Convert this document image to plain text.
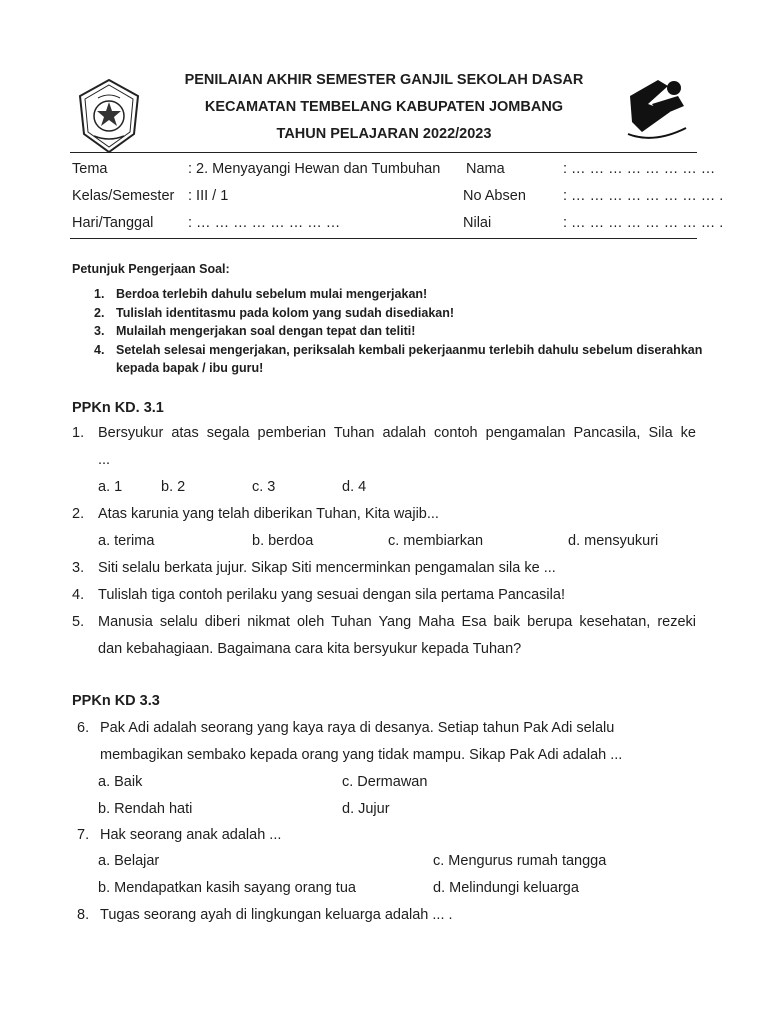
PENILAIAN AKHIR SEMESTER GANJIL SEKOLAH DASAR
KECAMATAN TEMBELANG KABUPATEN JOMBANG
TAHUN PELAJARAN 2022/2023
Tema	: 2. Menyayangi Hewan dan Tumbuhan Nama	: … … … … … … … …
Kelas/Semester : III / 1	No Absen	: … … … … … … … … .
Hari/Tanggal : … … … … … … … …	Nilai	: … … … … … … … … .
Petunjuk Pengerjaan Soal:
1. Berdoa terlebih dahulu sebelum mulai mengerjakan!
2. Tulislah identitasmu pada kolom yang sudah disediakan!
3. Mulailah mengerjakan soal dengan tepat dan teliti!
4. Setelah selesai mengerjakan, periksalah kembali pekerjaanmu terlebih dahulu sebelum diserahkan kepada bapak / ibu guru!
PPKn KD. 3.1
1. Bersyukur atas segala pemberian Tuhan adalah contoh pengamalan Pancasila, Sila ke
...
a. 1	b. 2	c. 3	d. 4
2. Atas karunia yang telah diberikan Tuhan, Kita wajib...
a. terima	b. berdoa	c. membiarkan	d. mensyukuri
3. Siti selalu berkata jujur. Sikap Siti mencerminkan pengamalan sila ke ...
4. Tulislah tiga contoh perilaku yang sesuai dengan sila pertama Pancasila!
5. Manusia selalu diberi nikmat oleh Tuhan Yang Maha Esa baik berupa kesehatan, rezeki
dan kebahagiaan. Bagaimana cara kita bersyukur kepada Tuhan?
PPKn KD 3.3
6. Pak Adi adalah seorang yang kaya raya di desanya. Setiap tahun Pak Adi selalu
membagikan sembako kepada orang yang tidak mampu. Sikap Pak Adi adalah ...
a. Baik	c. Dermawan
b. Rendah hati	d. Jujur
7. Hak seorang anak adalah ...
a. Belajar	c. Mengurus rumah tangga
b. Mendapatkan kasih sayang orang tua	d. Melindungi keluarga
8. Tugas seorang ayah di lingkungan keluarga adalah ... .
